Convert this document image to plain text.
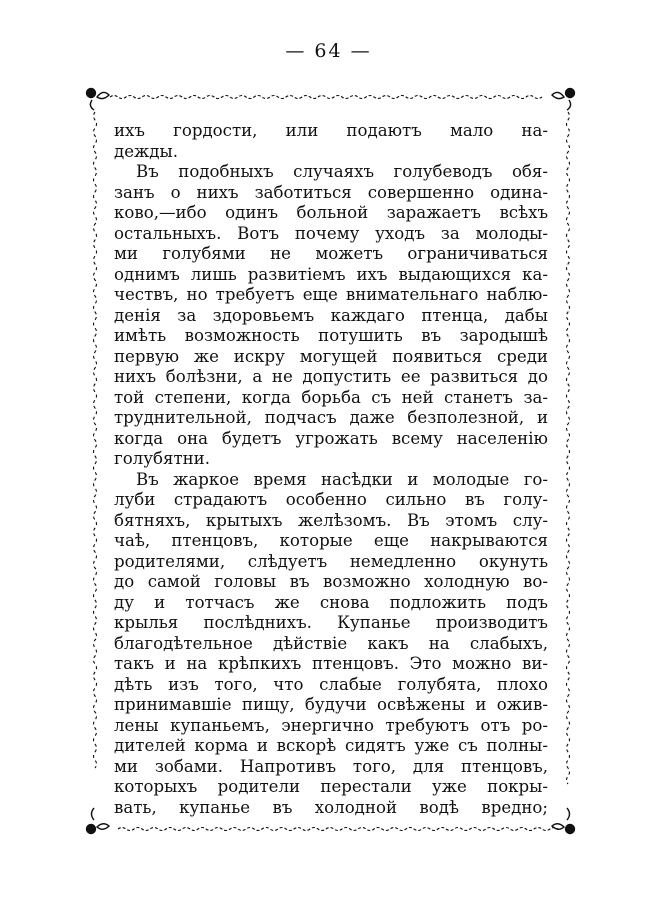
— 64 —
ихъ гордости, или подаютъ мало на-
дежды.
Въ подобныхъ случаяхъ голубеводъ обя-
занъ о нихъ заботиться совершенно одина-
ково,—ибо одинъ больной заражаетъ всѣхъ
остальныхъ. Вотъ почему уходъ за молоды-
ми голубями не можетъ ограничиваться
однимъ лишь развитіемъ ихъ выдающихся ка-
чествъ, но требуетъ еще внимательнаго наблю-
денія за здоровьемъ каждаго птенца, дабы
имѣть возможность потушить въ зародышѣ
первую же искру могущей появиться среди
нихъ болѣзни, а не допустить ее развиться до
той степени, когда борьба съ ней станетъ за-
труднительной, подчасъ даже безполезной, и
когда она будетъ угрожать всему населенію
голубятни.
Въ жаркое время насѣдки и молодые го-
луби страдаютъ особенно сильно въ голу-
бятняхъ, крытыхъ желѣзомъ. Въ этомъ слу-
чаѣ, птенцовъ, которые еще накрываются
родителями, слѣдуетъ немедленно окунуть
до самой головы въ возможно холодную во-
ду и тотчасъ же снова подложить подъ
крылья послѣднихъ. Купанье производитъ
благодѣтельное дѣйствіе какъ на слабыхъ,
такъ и на крѣпкихъ птенцовъ. Это можно ви-
дѣть изъ того, что слабые голубята, плохо
принимавшіе пищу, будучи освѣжены и ожив-
лены купаньемъ, энергично требуютъ отъ ро-
дителей корма и вскорѣ сидятъ уже съ полны-
ми зобами. Напротивъ того, для птенцовъ,
которыхъ родители перестали уже покры-
вать, купанье въ холодной водѣ вредно;
